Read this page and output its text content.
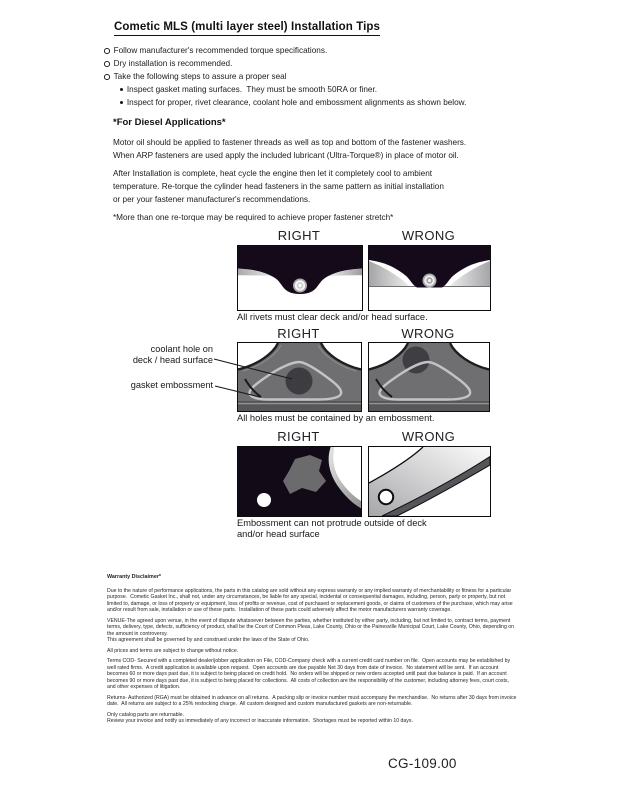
Cometic MLS (multi layer steel) Installation Tips
Follow manufacturer's recommended torque specifications.
Dry installation is recommended.
Take the following steps to assure a proper seal
Inspect gasket mating surfaces.  They must be smooth 50RA or finer.
Inspect for proper, rivet clearance, coolant hole and embossment alignments as shown below.
*For Diesel Applications*

Motor oil should be applied to fastener threads as well as top and bottom of the fastener washers.
When ARP fasteners are used apply the included lubricant (Ultra-Torque®) in place of motor oil.

After Installation is complete, heat cycle the engine then let it completely cool to ambient
temperature. Re-torque the cylinder head fasteners in the same pattern as initial installation
or per your fastener manufacturer's recommendations.

*More than one re-torque may be required to achieve proper fastener stretch*

RIGHT	WRONG
All rivets must clear deck and/or head surface.
RIGHT	WRONG
coolant hole on
deck / head surface
gasket embossment
All holes must be contained by an embossment.
RIGHT	WRONG
Embossment can not protrude outside of deck
and/or head surface
Warranty Disclaimer*

Due to the nature of performance applications, the parts in this catalog are sold without any express warranty or any implied warranty of merchantability or fitness for a particular purpose.  Cometic Gasket Inc., shall not, under any circumstances, be liable for any special, incidental or consequential damages, including, person, party or property, but not limited to, damage, or loss of property or equipment, loss of profits or revenue, cost of purchased or replacement goods, or claims of customers of the purchase, which may arise and/or result from sale, installation or use of these parts.  Installation of these parts could adversely affect the motor manufacturers warranty coverage.

VENUE-The agreed upon venue, in the event of dispute whatsoever between the parties, whether instituted by either party, including, but not limited to, contract terms, payment terms, delivery, type, defects, sufficiency of product, shall be the Court of Common Pleas, Lake County, Ohio or the Painesville Municipal Court, Lake County, Ohio, depending on the amount in controversy.
This agreement shall be governed by and construed under the laws of the State of Ohio.

All prices and terms are subject to change without notice.

Terms COD- Secured with a completed dealer/jobber application on File, COD-Company check with a current credit card number on file.  Open accounts may be established by well rated firms.  A credit application is available upon request.  Open accounts are due payable Net 30 days from date of invoice.  No statement will be sent.  If an account becomes 60 or more days past due, it is subject to being placed on credit hold.  No orders will be shipped or new orders accepted until past due balance is paid.  If an account becomes 90 or more days past due, it is subject to being placed for collections.  All costs of collection are the responsibility of the customer, including attorney fees, court costs, and other expenses of litigation.

Returns- Authorized (RGA) must be obtained in advance on all returns.  A packing slip or invoice number must accompany the merchandise.  No returns after 30 days from invoice date.  All returns are subject to a 25% restocking charge.  All custom designed and custom manufactured gaskets are non-returnable.

Only catalog parts are returnable.
Review your invoice and notify us immediately of any incorrect or inaccurate information.  Shortages must be reported within 10 days.

CG-109.00
